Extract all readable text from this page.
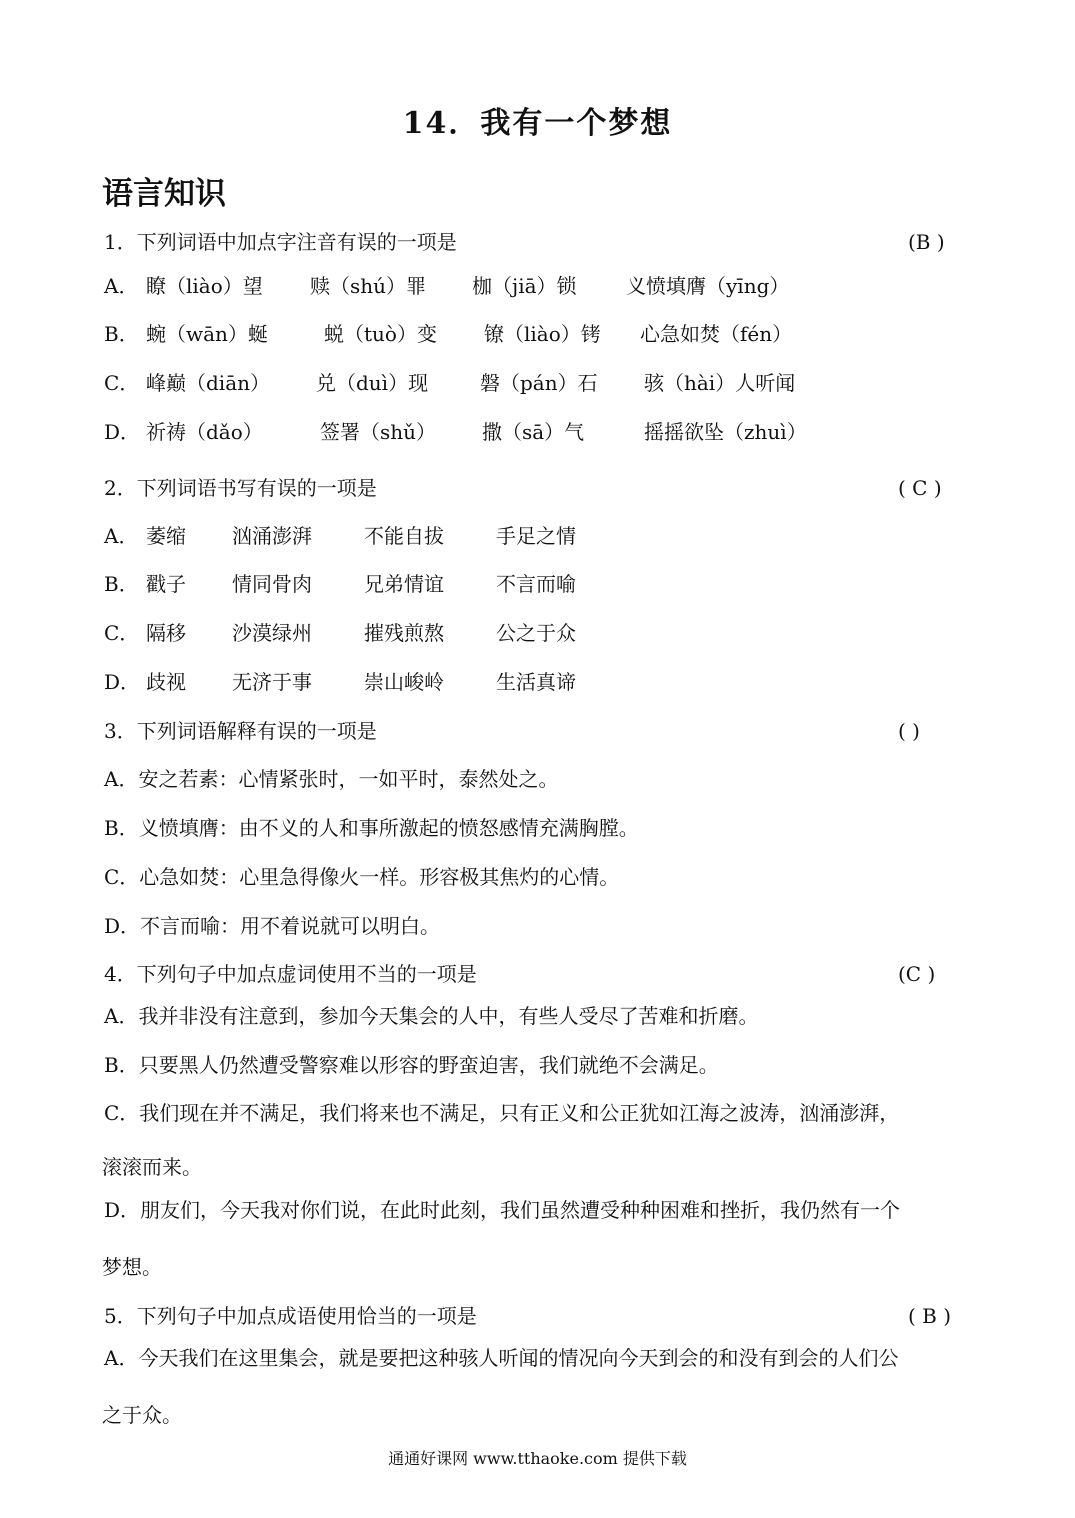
14．我有一个梦想
语言知识
1．下列词语中加点字注音有误的一项是	(B )
A． 瞭（liào）望 赎（shú）罪 枷（jiā）锁 义愤填膺（yīng）
B． 蜿（wān）蜒	蜕（tuò）变 镣（liào）铐 心急如焚（fén）
C． 峰巅（diān） 兑（duì）现	磐（pán）石 骇（hài）人听闻
D． 祈祷（dǎo）	签署（shǔ） 撒（sā）气	摇摇欲坠（zhuì）
2．下列词语书写有误的一项是	( C )
A． 萎缩 汹涌澎湃	不能自拔	手足之情
B． 戳子 情同骨肉	兄弟情谊	不言而喻
C． 隔移 沙漠绿州	摧残煎熬	公之于众
D． 歧视 无济于事	崇山峻岭	生活真谛
3．下列词语解释有误的一项是	( )
A．安之若素：心情紧张时，一如平时，泰然处之。
B．义愤填膺：由不义的人和事所激起的愤怒感情充满胸膛。
C．心急如焚：心里急得像火一样。形容极其焦灼的心情。
D．不言而喻：用不着说就可以明白。
4．下列句子中加点虚词使用不当的一项是	(C )
A．我并非没有注意到，参加今天集会的人中，有些人受尽了苦难和折磨。
B．只要黑人仍然遭受警察难以形容的野蛮迫害，我们就绝不会满足。
C．我们现在并不满足，我们将来也不满足，只有正义和公正犹如江海之波涛，汹涌澎湃，
滚滚而来。
D．朋友们，今天我对你们说，在此时此刻，我们虽然遭受种种困难和挫折，我仍然有一个
梦想。
5．下列句子中加点成语使用恰当的一项是	( B )
A．今天我们在这里集会，就是要把这种骇人听闻的情况向今天到会的和没有到会的人们公
之于众。
通通好课网 www.tthaoke.com 提供下载
